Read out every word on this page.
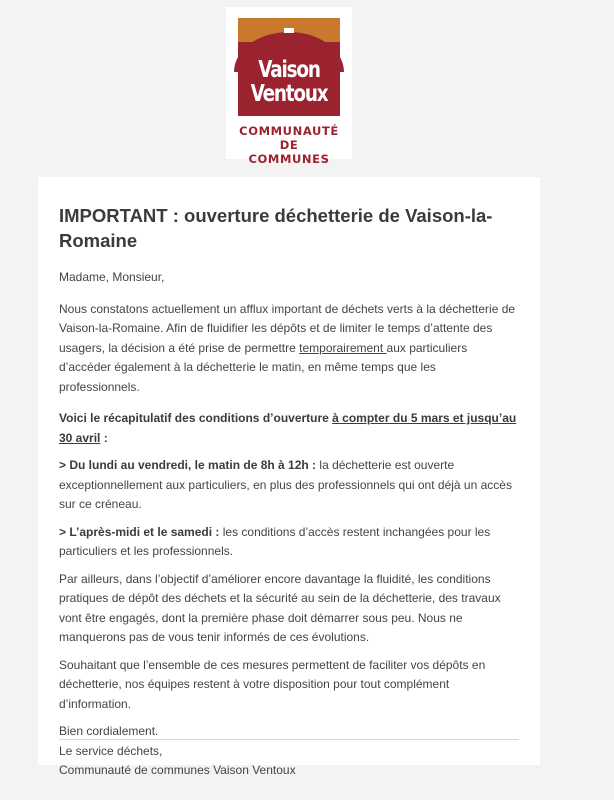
Vaison
Ventoux
COMMUNAUTÉ
DE COMMUNES
IMPORTANT : ouverture déchetterie de Vaison-la-Romaine

Madame, Monsieur,

Nous constatons actuellement un afflux important de déchets verts à la déchetterie de Vaison-la-Romaine. Afin de fluidifier les dépôts et de limiter le temps d’attente des usagers, la décision a été prise de permettre temporairement aux particuliers d’accéder également à la déchetterie le matin, en même temps que les professionnels.

Voici le récapitulatif des conditions d’ouverture à compter du 5 mars et jusqu’au 30 avril :

> Du lundi au vendredi, le matin de 8h à 12h : la déchetterie est ouverte exceptionnellement aux particuliers, en plus des professionnels qui ont déjà un accès sur ce créneau.

> L’après-midi et le samedi : les conditions d’accès restent inchangées pour les particuliers et les professionnels.

Par ailleurs, dans l’objectif d’améliorer encore davantage la fluidité, les conditions pratiques de dépôt des déchets et la sécurité au sein de la déchetterie, des travaux vont être engagés, dont la première phase doit démarrer sous peu. Nous ne manquerons pas de vous tenir informés de ces évolutions.

Souhaitant que l’ensemble de ces mesures permettent de faciliter vos dépôts en déchetterie, nos équipes restent à votre disposition pour tout complément d’information.

Bien cordialement.
Le service déchets,
Communauté de communes Vaison Ventoux
